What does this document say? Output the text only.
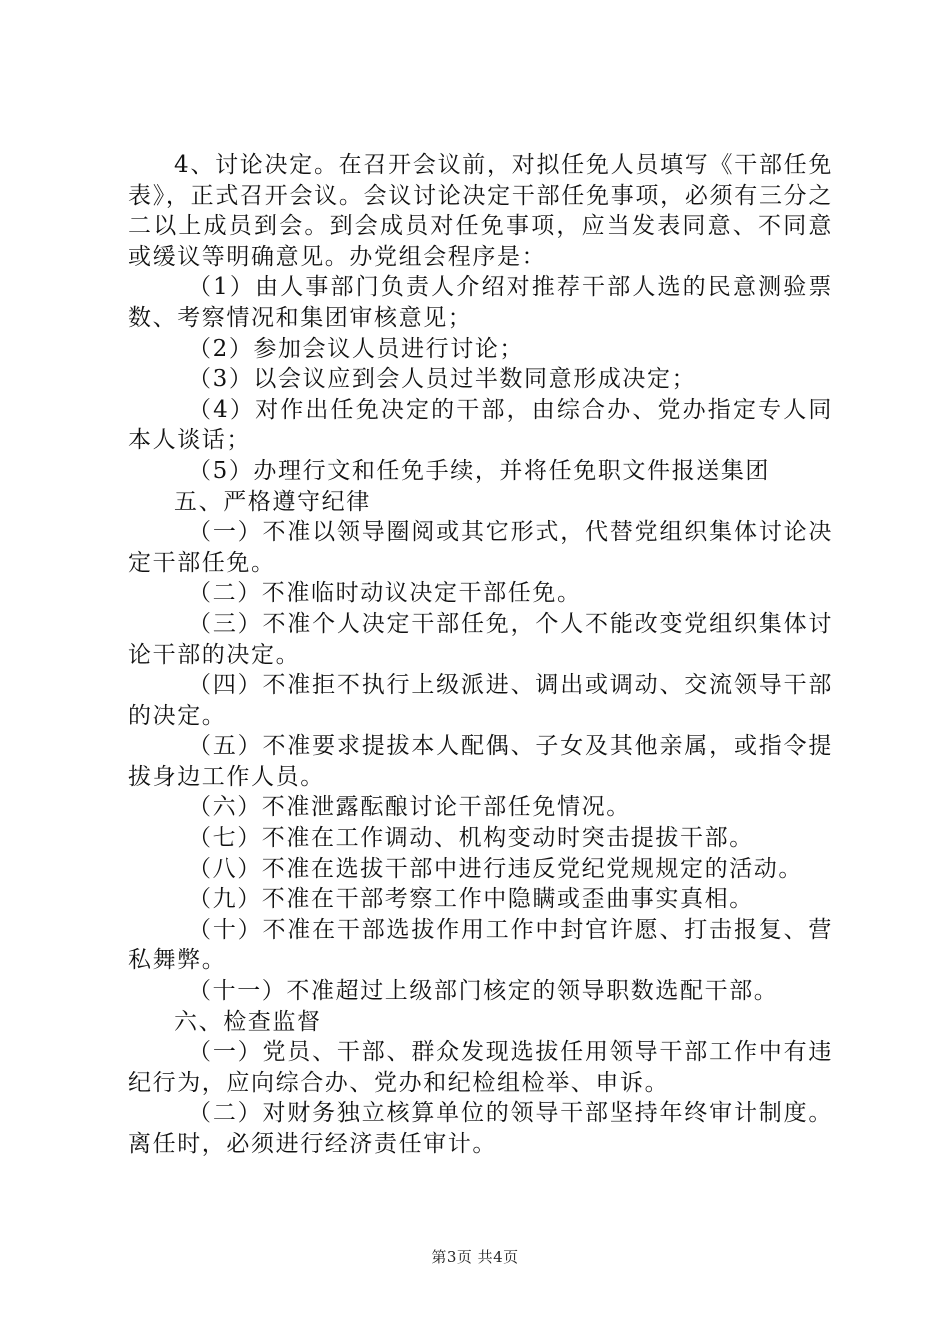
4、讨论决定。在召开会议前，对拟任免人员填写《干部任免表》，正式召开会议。会议讨论决定干部任免事项，必须有三分之二以上成员到会。到会成员对任免事项，应当发表同意、不同意或缓议等明确意见。办党组会程序是：

（1）由人事部门负责人介绍对推荐干部人选的民意测验票数、考察情况和集团审核意见；

（2）参加会议人员进行讨论；

（3）以会议应到会人员过半数同意形成决定；

（4）对作出任免决定的干部，由综合办、党办指定专人同本人谈话；

（5）办理行文和任免手续，并将任免职文件报送集团

五、严格遵守纪律

（一）不准以领导圈阅或其它形式，代替党组织集体讨论决定干部任免。

（二）不准临时动议决定干部任免。

（三）不准个人决定干部任免，个人不能改变党组织集体讨论干部的决定。

（四）不准拒不执行上级派进、调出或调动、交流领导干部的决定。

（五）不准要求提拔本人配偶、子女及其他亲属，或指令提拔身边工作人员。

（六）不准泄露酝酿讨论干部任免情况。

（七）不准在工作调动、机构变动时突击提拔干部。

（八）不准在选拔干部中进行违反党纪党规规定的活动。

（九）不准在干部考察工作中隐瞒或歪曲事实真相。

（十）不准在干部选拔作用工作中封官许愿、打击报复、营私舞弊。

（十一）不准超过上级部门核定的领导职数选配干部。

六、检查监督

（一）党员、干部、群众发现选拔任用领导干部工作中有违纪行为，应向综合办、党办和纪检组检举、申诉。

（二）对财务独立核算单位的领导干部坚持年终审计制度。离任时，必须进行经济责任审计。

第3页 共4页
